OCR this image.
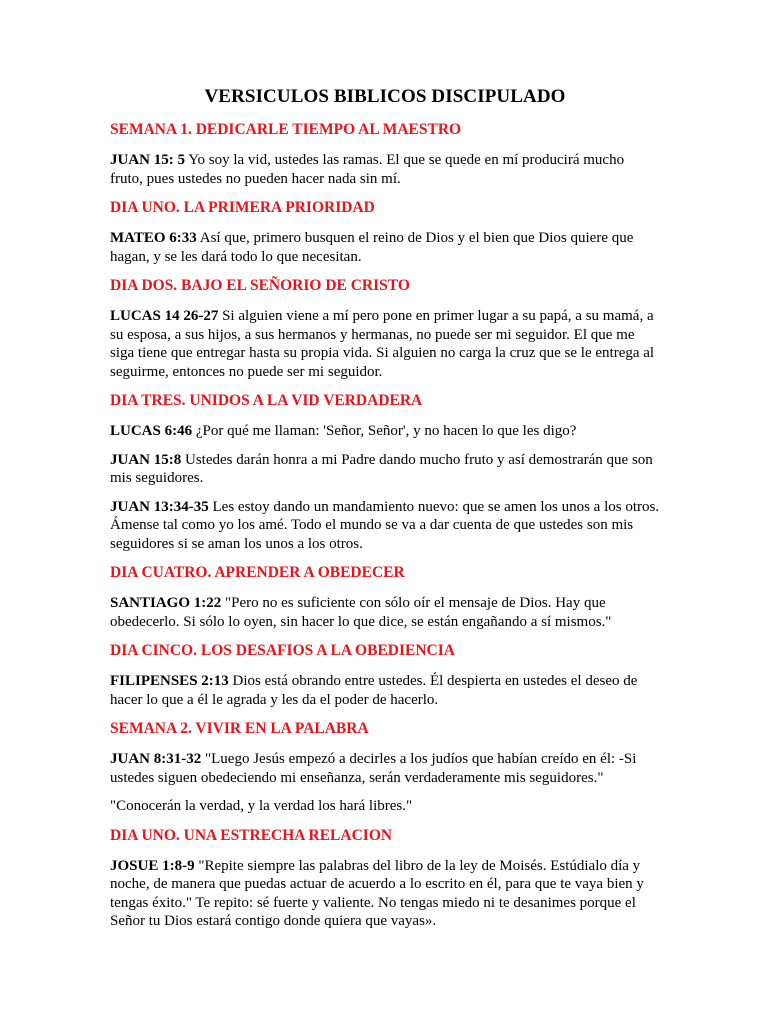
VERSICULOS BIBLICOS DISCIPULADO
SEMANA 1. DEDICARLE TIEMPO AL MAESTRO

JUAN 15: 5 Yo soy la vid, ustedes las ramas. El que se quede en mí producirá mucho fruto, pues ustedes no pueden hacer nada sin mí.

DIA UNO. LA PRIMERA PRIORIDAD

MATEO 6:33 Así que, primero busquen el reino de Dios y el bien que Dios quiere que hagan, y se les dará todo lo que necesitan.

DIA DOS. BAJO EL SEÑORIO DE CRISTO

LUCAS 14 26-27 Si alguien viene a mí pero pone en primer lugar a su papá, a su mamá, a su esposa, a sus hijos, a sus hermanos y hermanas, no puede ser mi seguidor. El que me siga tiene que entregar hasta su propia vida. Si alguien no carga la cruz que se le entrega al seguirme, entonces no puede ser mi seguidor.

DIA TRES. UNIDOS A LA VID VERDADERA

LUCAS 6:46 ¿Por qué me llaman: 'Señor, Señor', y no hacen lo que les digo?

JUAN 15:8 Ustedes darán honra a mi Padre dando mucho fruto y así demostrarán que son mis seguidores.

JUAN 13:34-35 Les estoy dando un mandamiento nuevo: que se amen los unos a los otros. Ámense tal como yo los amé. Todo el mundo se va a dar cuenta de que ustedes son mis seguidores si se aman los unos a los otros.

DIA CUATRO. APRENDER A OBEDECER

SANTIAGO 1:22 "Pero no es suficiente con sólo oír el mensaje de Dios. Hay que obedecerlo. Si sólo lo oyen, sin hacer lo que dice, se están engañando a sí mismos."

DIA CINCO. LOS DESAFIOS A LA OBEDIENCIA

FILIPENSES 2:13 Dios está obrando entre ustedes. Él despierta en ustedes el deseo de hacer lo que a él le agrada y les da el poder de hacerlo.

SEMANA 2. VIVIR EN LA PALABRA

JUAN 8:31-32 "Luego Jesús empezó a decirles a los judíos que habían creído en él: -Si ustedes siguen obedeciendo mi enseñanza, serán verdaderamente mis seguidores."

"Conocerán la verdad, y la verdad los hará libres."

DIA UNO. UNA ESTRECHA RELACION

JOSUE 1:8-9 "Repite siempre las palabras del libro de la ley de Moisés. Estúdialo día y noche, de manera que puedas actuar de acuerdo a lo escrito en él, para que te vaya bien y tengas éxito." Te repito: sé fuerte y valiente. No tengas miedo ni te desanimes porque el Señor tu Dios estará contigo donde quiera que vayas».
